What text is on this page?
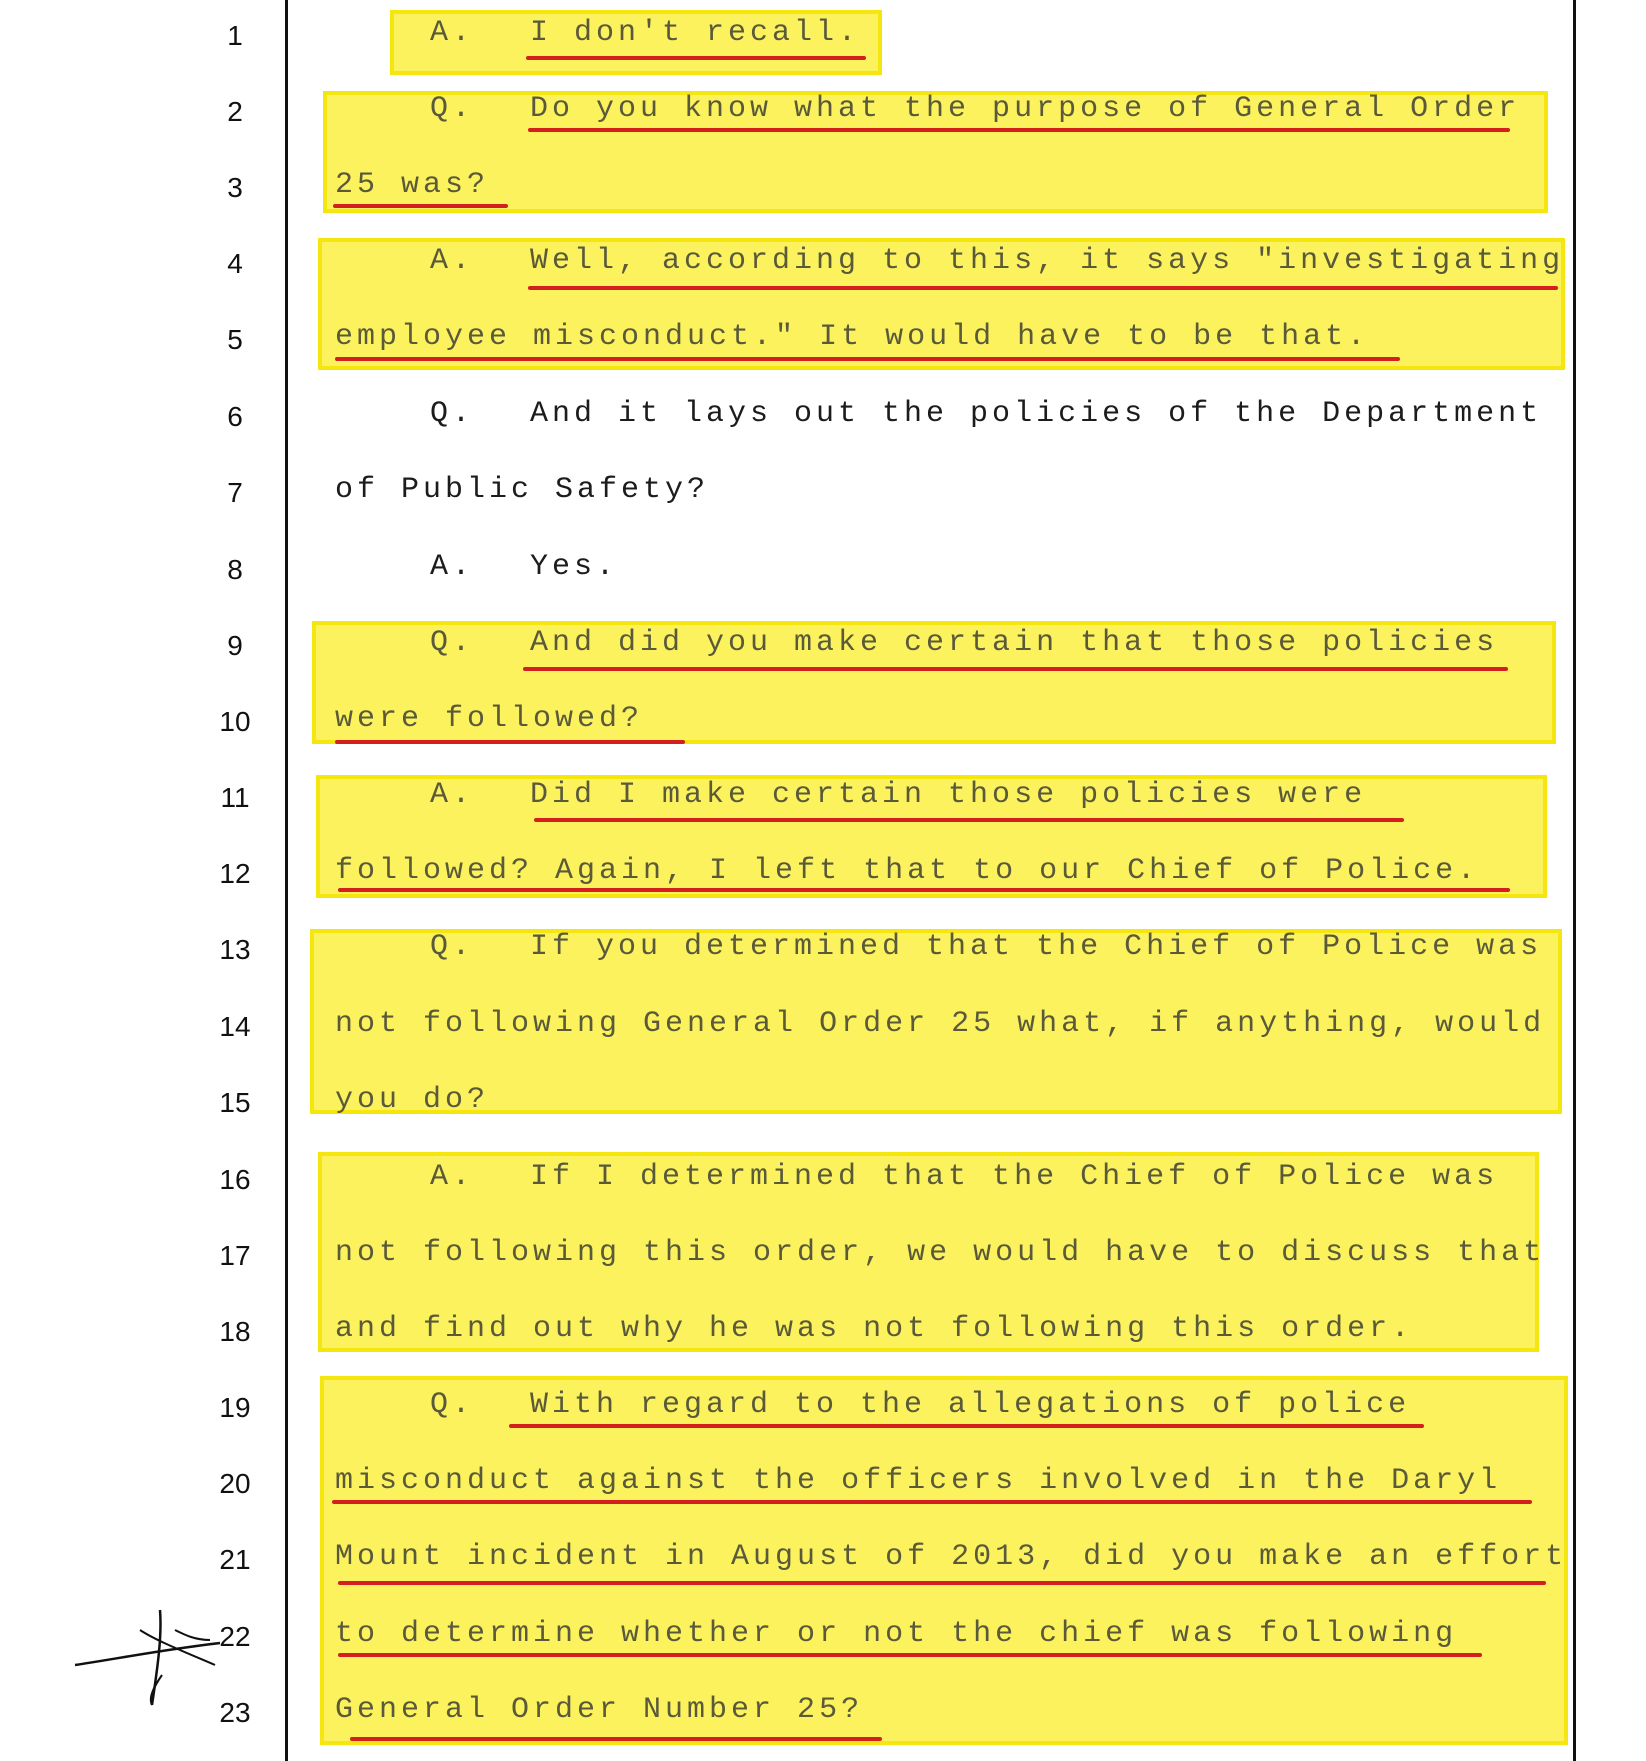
1
2
3
4
5
6
7
8
9
10
11
12
13
14
15
16
17
18
19
20
21
22
23
A. I don't recall.
Q. Do you know what the purpose of General Order
25 was?
A. Well, according to this, it says "investigating
employee misconduct." It would have to be that.
Q. And it lays out the policies of the Department
of Public Safety?
A. Yes.
Q. And did you make certain that those policies
were followed?
A. Did I make certain those policies were
followed? Again, I left that to our Chief of Police.
Q. If you determined that the Chief of Police was
not following General Order 25 what, if anything, would
you do?
A. If I determined that the Chief of Police was
not following this order, we would have to discuss that
and find out why he was not following this order.
Q. With regard to the allegations of police
misconduct against the officers involved in the Daryl
Mount incident in August of 2013, did you make an effort
to determine whether or not the chief was following
General Order Number 25?
